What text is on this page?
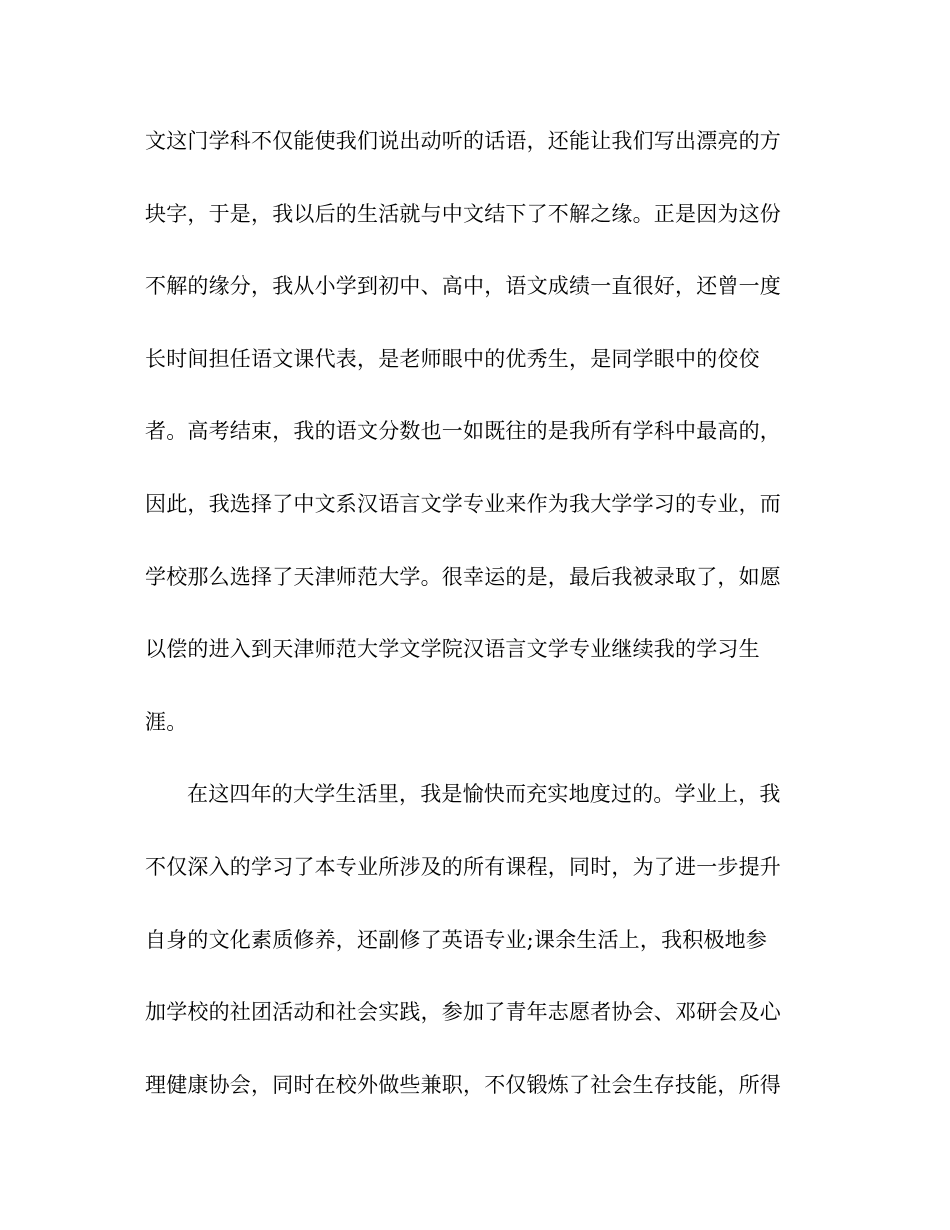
文这门学科不仅能使我们说出动听的话语，还能让我们写出漂亮的方
块字，于是，我以后的生活就与中文结下了不解之缘。正是因为这份
不解的缘分，我从小学到初中、高中，语文成绩一直很好，还曾一度
长时间担任语文课代表，是老师眼中的优秀生，是同学眼中的佼佼
者。高考结束，我的语文分数也一如既往的是我所有学科中最高的，
因此，我选择了中文系汉语言文学专业来作为我大学学习的专业，而
学校那么选择了天津师范大学。很幸运的是，最后我被录取了，如愿
以偿的进入到天津师范大学文学院汉语言文学专业继续我的学习生
涯。
在这四年的大学生活里，我是愉快而充实地度过的。学业上，我
不仅深入的学习了本专业所涉及的所有课程，同时，为了进一步提升
自身的文化素质修养，还副修了英语专业;课余生活上，我积极地参
加学校的社团活动和社会实践，参加了青年志愿者协会、邓研会及心
理健康协会，同时在校外做些兼职，不仅锻炼了社会生存技能，所得
